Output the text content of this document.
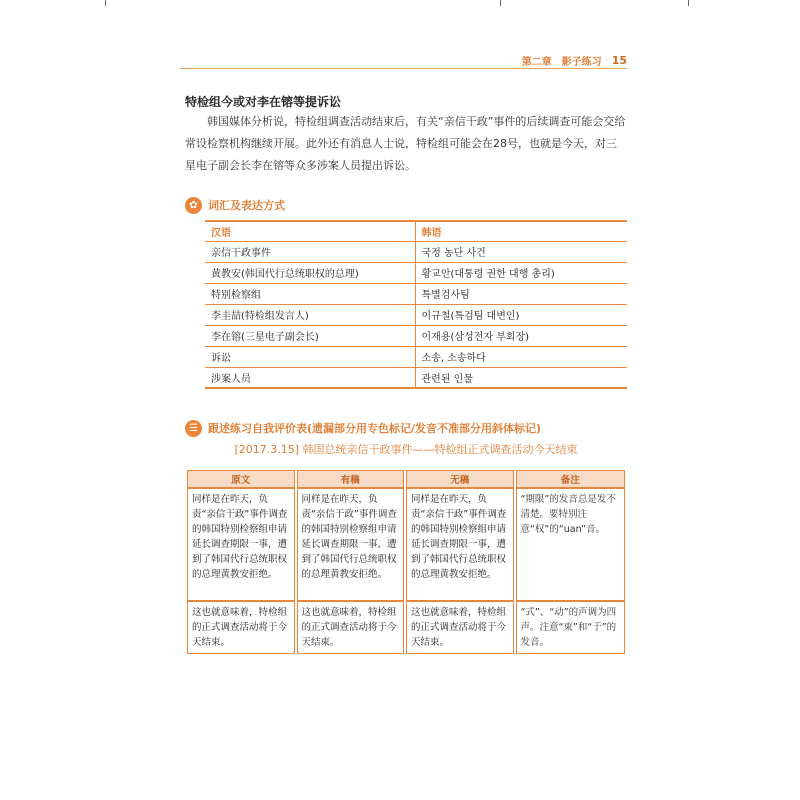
第二章　影子练习 15
特检组今或对李在镕等提诉讼

韩国媒体分析说，特检组调查活动结束后，有关“亲信干政”事件的后续调查可能会交给常设检察机构继续开展。此外还有消息人士说，特检组可能会在28号，也就是今天，对三星电子副会长李在镕等众多涉案人员提出诉讼。

✿ 词汇及表达方式
汉语	韩语
亲信干政事件	국정 농단 사건
黄教安(韩国代行总统职权的总理)	황교안(대통령 권한 대행 총리)
特别检察组	특별검사팀
李圭喆(特检组发言人)	이규철(특검팀 대변인)
李在镕(三星电子副会长)	이재용(삼성전자 부회장)
诉讼	소송, 소송하다
涉案人员	관련된 인물
☰ 跟述练习自我评价表(遗漏部分用专色标记/发音不准部分用斜体标记)
[2017.3.15] 韩国总统亲信干政事件——特检组正式调查活动今天结束
原文	有稿	无稿	备注
同样是在昨天，负责“亲信干政”事件调查的韩国特别检察组申请延长调查期限一事，遭到了韩国代行总统职权的总理黄教安拒绝。	同样是在昨天，负责“亲信干政”事件调查的韩国特别检察组申请延长调查期限一事，遭到了韩国代行总统职权的总理黄教安拒绝。	同样是在昨天，负责“亲信干政”事件调查的韩国特别检察组申请延长调查期限一事，遭到了韩国代行总统职权的总理黄教安拒绝。	“期限”的发音总是发不清楚。要特别注意“权”的“uan”音。
这也就意味着，特检组的正式调查活动将于今天结束。	这也就意味着，特检组的正式调查活动将于今天结束。	这也就意味着，特检组的正式调查活动将于今天结束。	“式”、“动”的声调为四声。注意“束”和“于”的发音。
